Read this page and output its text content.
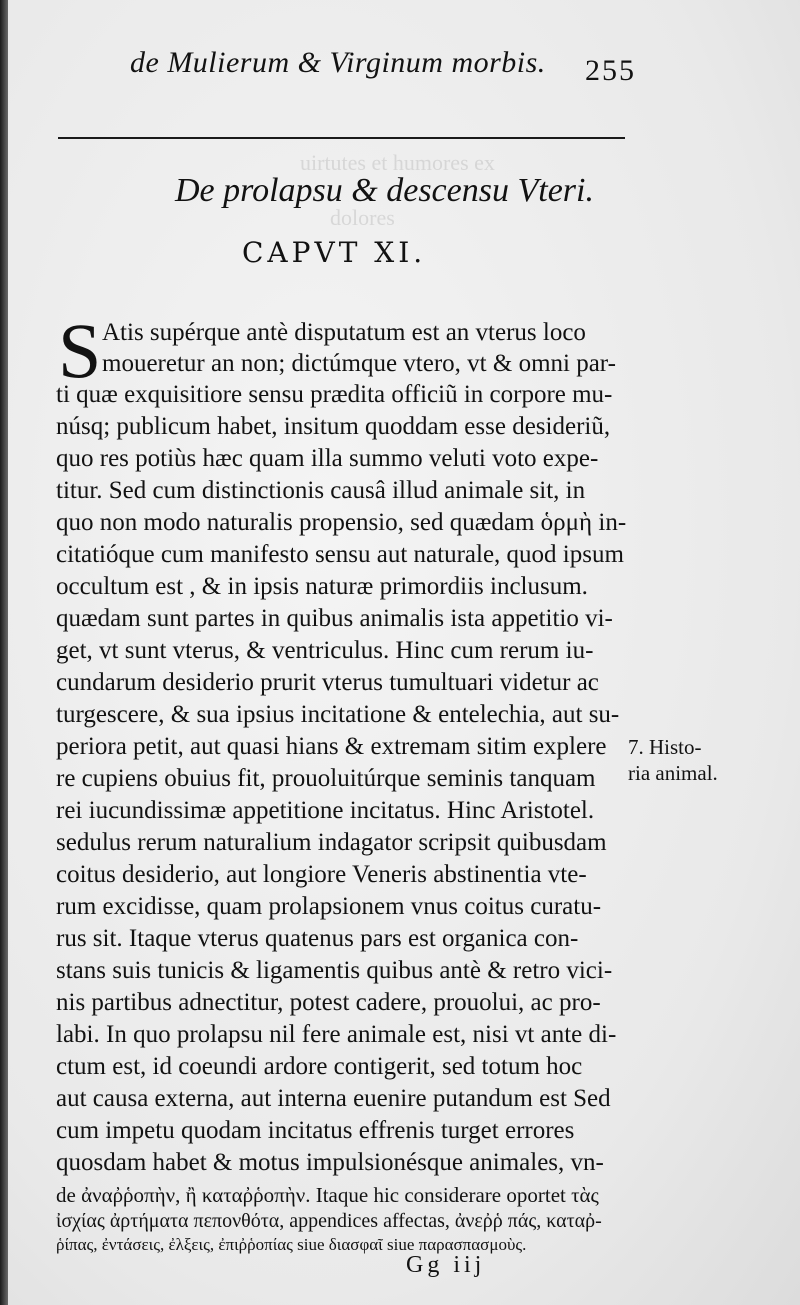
uirtutes et humores ex
dolores
de Mulierum & Virginum morbis. 255
De prolapsu & descensu Vteri.
CAPVT XI.
S Atis supérque antè disputatum est an vterus loco
moueretur an non; dictúmque vtero, vt & omni par-
ti quæ exquisitiore sensu prædita officiũ in corpore mu-
núsq; publicum habet, insitum quoddam esse desideriũ,
quo res potiùs hæc quam illa summo veluti voto expe-
titur. Sed cum distinctionis causâ illud animale sit, in
quo non modo naturalis propensio, sed quædam ὁρμὴ in-
citatióque cum manifesto sensu aut naturale, quod ipsum
occultum est , & in ipsis naturæ primordiis inclusum.
quædam sunt partes in quibus animalis ista appetitio vi-
get, vt sunt vterus, & ventriculus. Hinc cum rerum iu-
cundarum desiderio prurit vterus tumultuari videtur ac
turgescere, & sua ipsius incitatione & entelechia, aut su-
periora petit, aut quasi hians & extremam sitim explere
re cupiens obuius fit, prouoluitúrque seminis tanquam
rei iucundissimæ appetitione incitatus. Hinc Aristotel.
sedulus rerum naturalium indagator scripsit quibusdam
coitus desiderio, aut longiore Veneris abstinentia vte-
rum excidisse, quam prolapsionem vnus coitus curatu-
rus sit. Itaque vterus quatenus pars est organica con-
stans suis tunicis & ligamentis quibus antè & retro vici-
nis partibus adnectitur, potest cadere, prouolui, ac pro-
labi. In quo prolapsu nil fere animale est, nisi vt ante di-
ctum est, id coeundi ardore contigerit, sed totum hoc
aut causa externa, aut interna euenire putandum est Sed
cum impetu quodam incitatus effrenis turget errores
quosdam habet & motus impulsionésque animales, vn-
de ἀναῤῥοπὴν, ἢ καταῤῥοπὴν. Itaque hic considerare oportet τὰς
ἰσχίας ἀρτήματα πεπονθότα, appendices affectas, ἀνεῤῥ πάς, καταῤ-
ῥίπας, ἐντάσεις, ἐλξεις, ἐπιῤῥοπίας siue διασφαῖ siue παρασπασμοὺς.
7. Histo-
ria animal.
Gg iij
